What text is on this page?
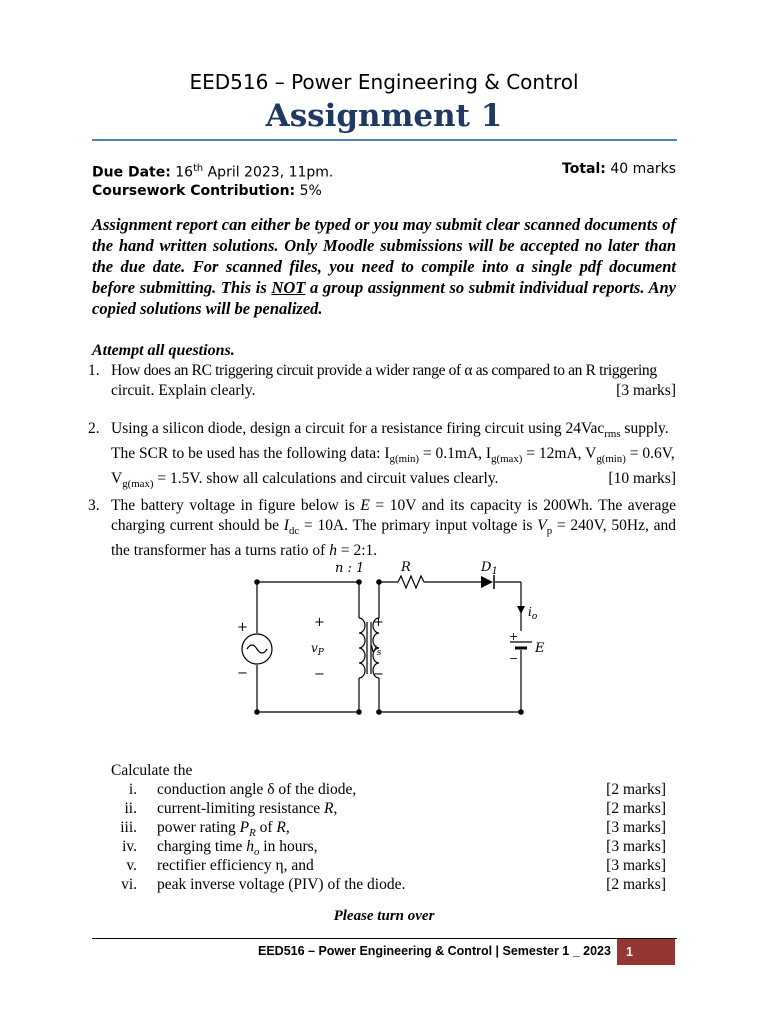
EED516 – Power Engineering & Control
Assignment 1
Due Date: 16th April 2023, 11pm.	Total: 40 marks
Coursework Contribution: 5%
Assignment report can either be typed or you may submit clear scanned documents of the hand written solutions. Only Moodle submissions will be accepted no later than the due date. For scanned files, you need to compile into a single pdf document before submitting. This is NOT a group assignment so submit individual reports. Any copied solutions will be penalized.
Attempt all questions.
1. How does an RC triggering circuit provide a wider range of α as compared to an R triggering
circuit. Explain clearly.	[3 marks]
2. Using a silicon diode, design a circuit for a resistance firing circuit using 24Vac$_{rms}$ supply.
The SCR to be used has the following data: $I_{g(min)} = 0.1mA$, $I_{g(max)} = 12mA$, $V_{g(min)} = 0.6V$,
$V_{g(max)} = 1.5V$. show all calculations and circuit values clearly.	[10 marks]
3. The battery voltage in figure below is E = 10V and its capacity is 200Wh. The average charging current should be $I_{dc} = 10A$. The primary input voltage is $V_p = 240V$, 50Hz, and the transformer has a turns ratio of h = 2:1.
n : 1	R	$D_1$
$i_o$
+
−
+
$v_P$
−
+
$v_s$
−
+
−
E
Calculate the
i. conduction angle δ of the diode,	[2 marks]
ii. current-limiting resistance R,	[2 marks]
iii. power rating $P_R$ of R,	[3 marks]
iv. charging time $h_o$ in hours,	[3 marks]
v. rectifier efficiency η, and	[3 marks]
vi. peak inverse voltage (PIV) of the diode.	[2 marks]
Please turn over
EED516 – Power Engineering & Control | Semester 1 _ 2023	1
